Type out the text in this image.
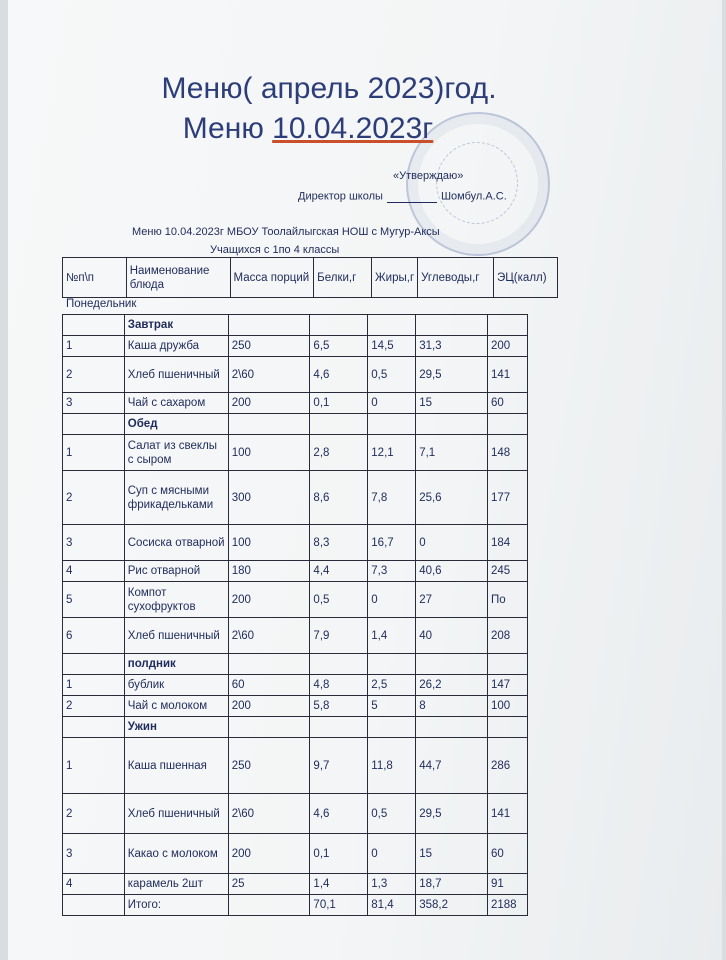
Меню( апрель 2023)год.
Меню 10.04.2023г
«Утверждаю»
Директор школы	Шомбул.А.С.
Меню 10.04.2023г МБОУ Тоолайлыгская НОШ с Мугур-Аксы
Учащихся с 1по 4 классы
№п\п	Наименование блюда	Масса порций	Белки,г	Жиры,г	Углеводы,г	ЭЦ(калл)
Понедельник
	Завтрак					
1	Каша дружба	250	6,5	14,5	31,3	200
2	Хлеб пшеничный	2\60	4,6	0,5	29,5	141
3	Чай с сахаром	200	0,1	0	15	60
	Обед					
1	Салат из свеклы с сыром	100	2,8	12,1	7,1	148
2	Суп с мясными фрикадельками	300	8,6	7,8	25,6	177
3	Сосиска отварной	100	8,3	16,7	0	184
4	Рис отварной	180	4,4	7,3	40,6	245
5	Компот сухофруктов	200	0,5	0	27	По
6	Хлеб пшеничный	2\60	7,9	1,4	40	208
	полдник					
1	бублик	60	4,8	2,5	26,2	147
2	Чай с молоком	200	5,8	5	8	100
	Ужин					
1	Каша пшенная	250	9,7	11,8	44,7	286
2	Хлеб пшеничный	2\60	4,6	0,5	29,5	141
3	Какао с молоком	200	0,1	0	15	60
4	карамель 2шт	25	1,4	1,3	18,7	91
	Итого:		70,1	81,4	358,2	2188
